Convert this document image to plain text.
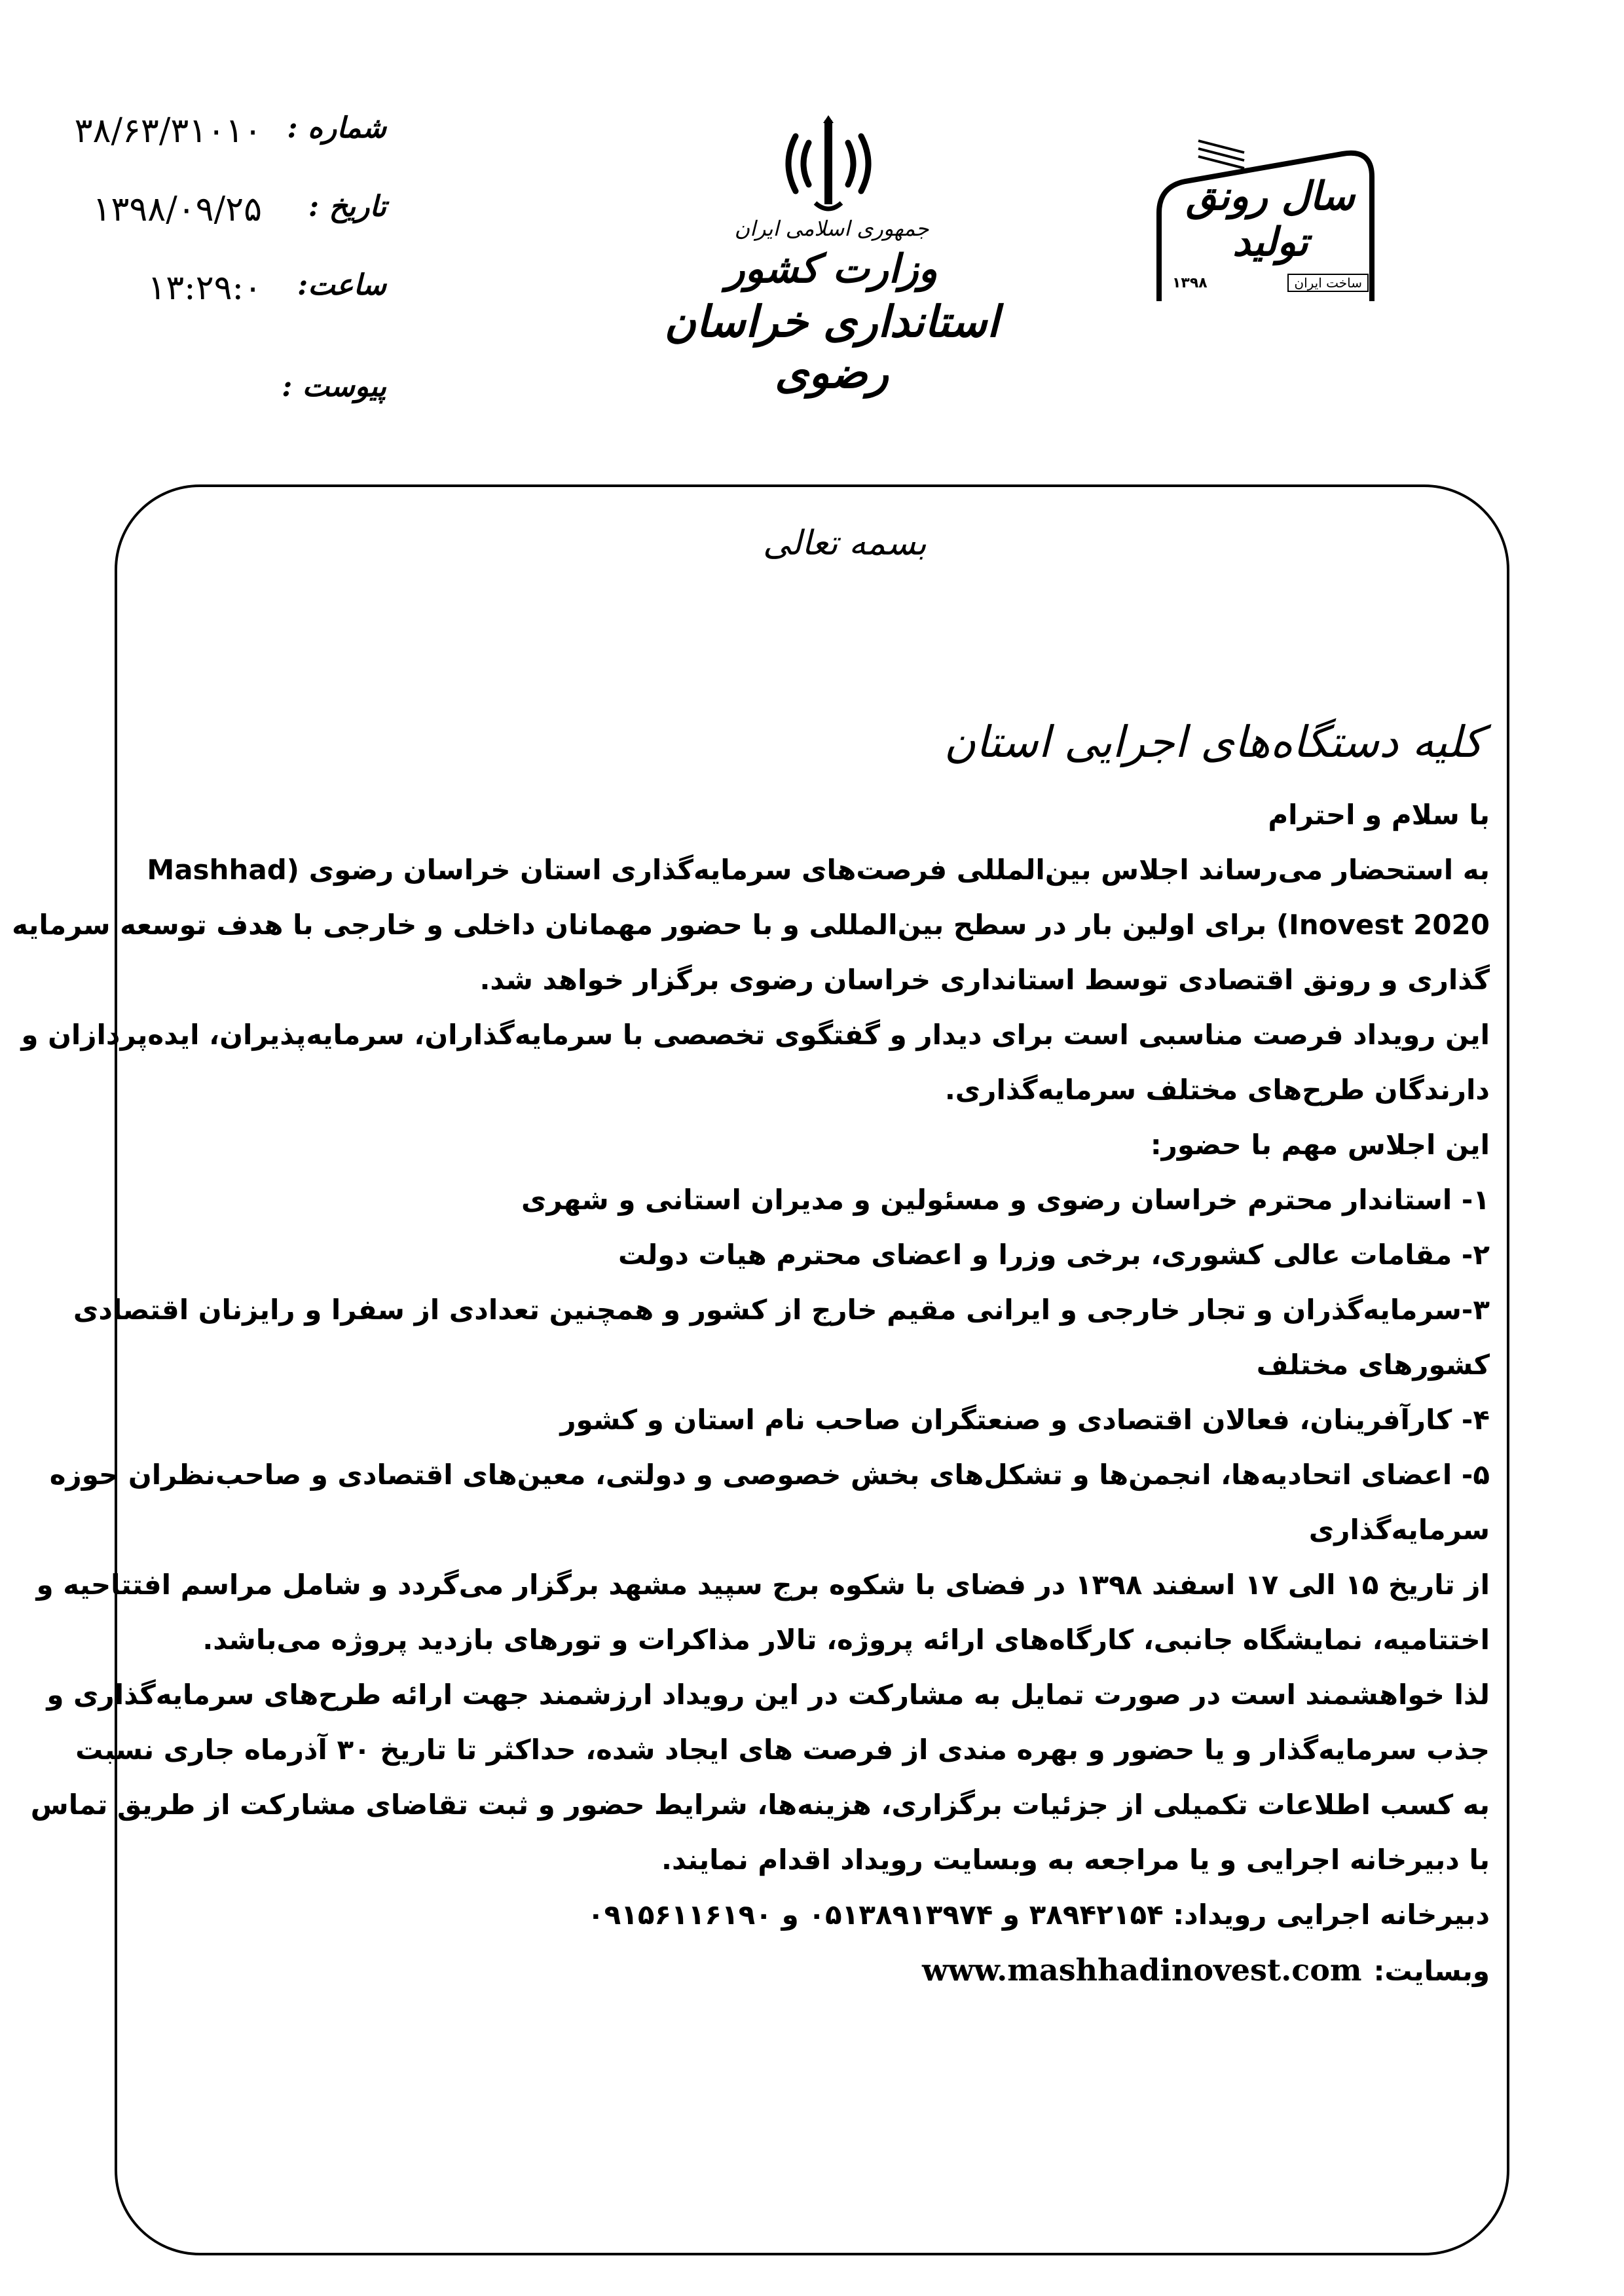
شماره :
۳۸/۶۳/۳۱۰۱۰
تاریخ :
۱۳۹۸/۰۹/۲۵
ساعت:
۱۳:۲۹:۰
پیوست :
جمهوری اسلامی ایران
وزارت کشور
استانداری خراسان رضوی
سال رونق تولید
۱۳۹۸	ساخت ایران
بسمه تعالی
کلیه دستگاه‌های اجرایی استان
با سلام و احترام
به استحضار می‌رساند اجلاس بین‌المللی فرصت‌های سرمایه‌گذاری استان خراسان رضوی (Mashhad
Inovest 2020) برای اولین بار در سطح بین‌المللی و با حضور مهمانان داخلی و خارجی با هدف توسعه سرمایه
گذاری و رونق اقتصادی توسط استانداری خراسان رضوی برگزار خواهد شد.
این رویداد فرصت مناسبی است برای دیدار و گفتگوی تخصصی با سرمایه‌گذاران، سرمایه‌پذیران، ایده‌پردازان و
دارندگان طرح‌های مختلف سرمایه‌گذاری.
این اجلاس مهم با حضور:
۱- استاندار محترم خراسان رضوی و مسئولین و مدیران استانی و شهری
۲- مقامات عالی کشوری، برخی وزرا و اعضای محترم هیات دولت
۳-سرمایه‌گذران و تجار خارجی و ایرانی مقیم خارج از کشور و همچنین تعدادی از سفرا و رایزنان اقتصادی
کشورهای مختلف
۴- کارآفرینان، فعالان اقتصادی و صنعتگران صاحب نام استان و کشور
۵- اعضای اتحادیه‌ها، انجمن‌ها و تشکل‌های بخش خصوصی و دولتی، معین‌های اقتصادی و صاحب‌نظران حوزه
سرمایه‌گذاری
از تاریخ ۱۵ الی ۱۷ اسفند ۱۳۹۸ در فضای با شکوه برج سپید مشهد برگزار می‌گردد و شامل مراسم افتتاحیه و
اختتامیه، نمایشگاه جانبی، کارگاه‌های ارائه پروژه، تالار مذاکرات و تورهای بازدید پروژه می‌باشد.
لذا خواهشمند است در صورت تمایل به مشارکت در این رویداد ارزشمند جهت ارائه طرح‌های سرمایه‌گذاری و
جذب سرمایه‌گذار و یا حضور و بهره مندی از فرصت های ایجاد شده، حداکثر تا تاریخ ۳۰ آذرماه جاری نسبت
به کسب اطلاعات تکمیلی از جزئیات برگزاری، هزینه‌ها، شرایط حضور و ثبت تقاضای مشارکت از طریق تماس
با دبیرخانه اجرایی و یا مراجعه به وبسایت رویداد اقدام نمایند.
دبیرخانه اجرایی رویداد: ۳۸۹۴۲۱۵۴ و ۰۵۱۳۸۹۱۳۹۷۴ و ۰۹۱۵۶۱۱۶۱۹۰
وبسایت:www.mashhadinovest.com
